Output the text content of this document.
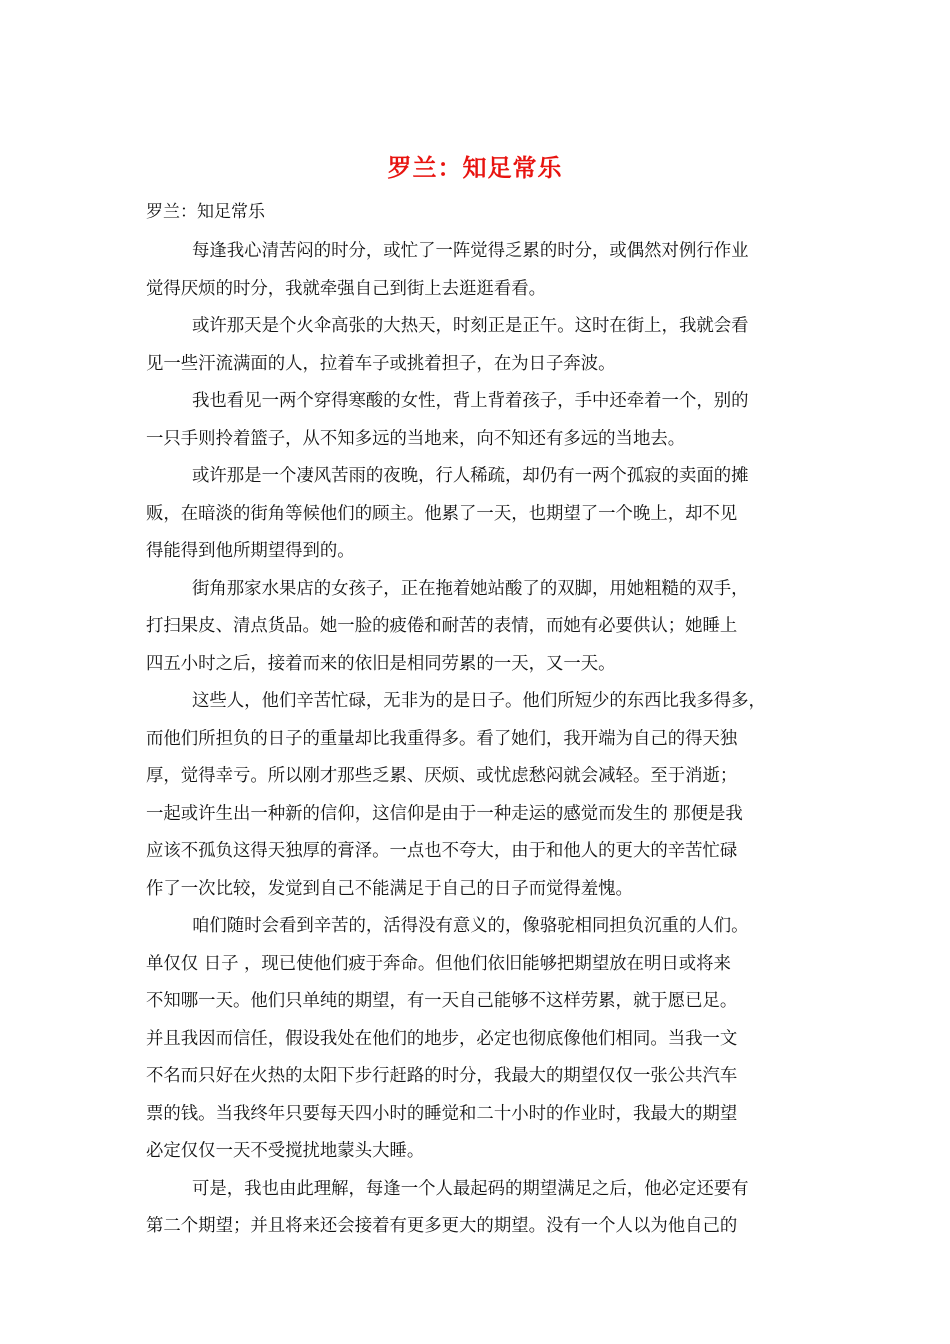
罗兰：知足常乐
罗兰：知足常乐
每逢我心清苦闷的时分，或忙了一阵觉得乏累的时分，或偶然对例行作业
觉得厌烦的时分，我就牵强自己到街上去逛逛看看。
或许那天是个火伞高张的大热天，时刻正是正午。这时在街上，我就会看
见一些汗流满面的人，拉着车子或挑着担子，在为日子奔波。
我也看见一两个穿得寒酸的女性，背上背着孩子，手中还牵着一个，别的
一只手则拎着篮子，从不知多远的当地来，向不知还有多远的当地去。
或许那是一个凄风苦雨的夜晚，行人稀疏，却仍有一两个孤寂的卖面的摊
贩，在暗淡的街角等候他们的顾主。他累了一天，也期望了一个晚上，却不见
得能得到他所期望得到的。
街角那家水果店的女孩子，正在拖着她站酸了的双脚，用她粗糙的双手，
打扫果皮、清点货品。她一脸的疲倦和耐苦的表情，而她有必要供认；她睡上
四五小时之后，接着而来的依旧是相同劳累的一天，又一天。
这些人，他们辛苦忙碌，无非为的是日子。他们所短少的东西比我多得多，
而他们所担负的日子的重量却比我重得多。看了她们，我开端为自己的得天独
厚，觉得幸亏。所以刚才那些乏累、厌烦、或忧虑愁闷就会减轻。至于消逝；
一起或许生出一种新的信仰，这信仰是由于一种走运的感觉而发生的 那便是我
应该不孤负这得天独厚的膏泽。一点也不夸大，由于和他人的更大的辛苦忙碌
作了一次比较，发觉到自己不能满足于自己的日子而觉得羞愧。
咱们随时会看到辛苦的，活得没有意义的，像骆驼相同担负沉重的人们。
单仅仅 日子 ，现已使他们疲于奔命。但他们依旧能够把期望放在明日或将来
不知哪一天。他们只单纯的期望，有一天自己能够不这样劳累，就于愿已足。
并且我因而信任，假设我处在他们的地步，必定也彻底像他们相同。当我一文
不名而只好在火热的太阳下步行赶路的时分，我最大的期望仅仅一张公共汽车
票的钱。当我终年只要每天四小时的睡觉和二十小时的作业时，我最大的期望
必定仅仅一天不受搅扰地蒙头大睡。
可是，我也由此理解，每逢一个人最起码的期望满足之后，他必定还要有
第二个期望；并且将来还会接着有更多更大的期望。没有一个人以为他自己的
